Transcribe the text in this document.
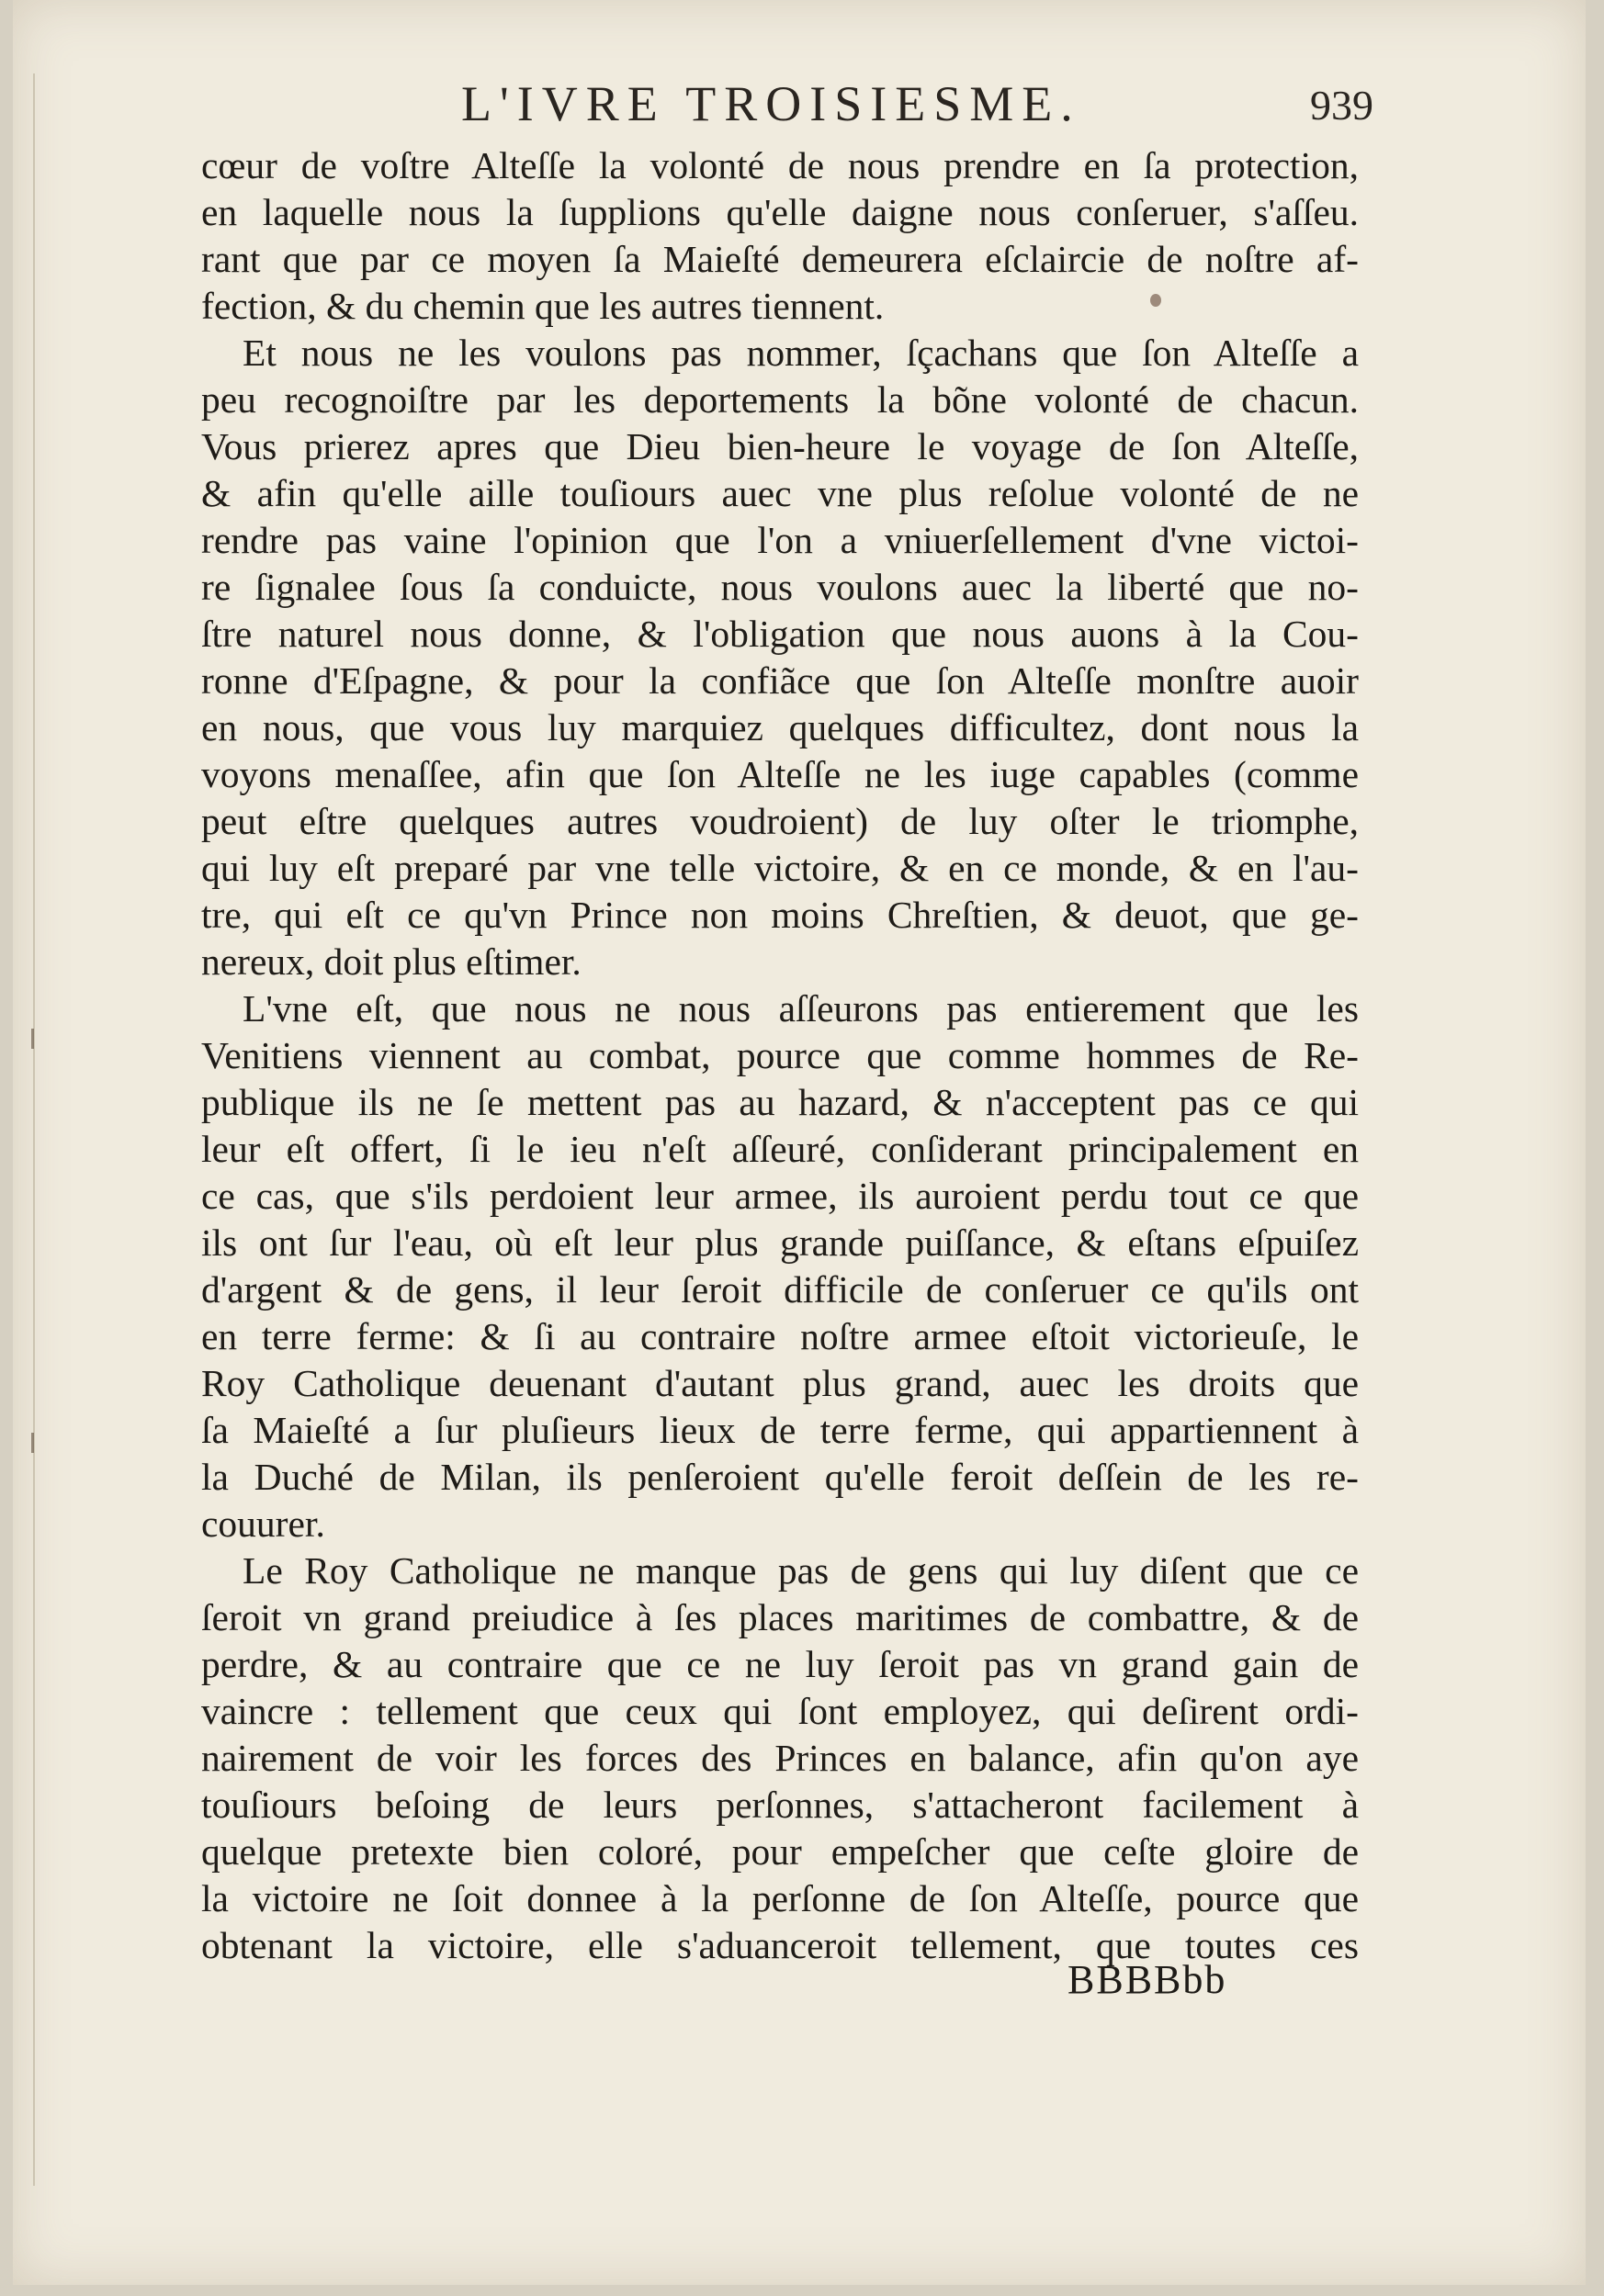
L'IVRE TROISIESME.	939
cœur de voſtre Alteſſe la volonté de nous prendre en ſa protection,
en laquelle nous la ſupplions qu'elle daigne nous conſeruer, s'aſſeu.
rant que par ce moyen ſa Maieſté demeurera eſclaircie de noſtre af-
fection, & du chemin que les autres tiennent.
Et nous ne les voulons pas nommer, ſçachans que ſon Alteſſe a
peu recognoiſtre par les deportements la bõne volonté de chacun.
Vous prierez apres que Dieu bien-heure le voyage de ſon Alteſſe,
& afin qu'elle aille touſiours auec vne plus reſolue volonté de ne
rendre pas vaine l'opinion que l'on a vniuerſellement d'vne victoi-
re ſignalee ſous ſa conduicte, nous voulons auec la liberté que no-
ſtre naturel nous donne, & l'obligation que nous auons à la Cou-
ronne d'Eſpagne, & pour la confiãce que ſon Alteſſe monſtre auoir
en nous, que vous luy marquiez quelques difficultez, dont nous la
voyons menaſſee, afin que ſon Alteſſe ne les iuge capables (comme
peut eſtre quelques autres voudroient) de luy oſter le triomphe,
qui luy eſt preparé par vne telle victoire, & en ce monde, & en l'au-
tre, qui eſt ce qu'vn Prince non moins Chreſtien, & deuot, que ge-
nereux, doit plus eſtimer.
L'vne eſt, que nous ne nous aſſeurons pas entierement que les
Venitiens viennent au combat, pource que comme hommes de Re-
publique ils ne ſe mettent pas au hazard, & n'acceptent pas ce qui
leur eſt offert, ſi le ieu n'eſt aſſeuré, conſiderant principalement en
ce cas, que s'ils perdoient leur armee, ils auroient perdu tout ce que
ils ont ſur l'eau, où eſt leur plus grande puiſſance, & eſtans eſpuiſez
d'argent & de gens, il leur ſeroit difficile de conſeruer ce qu'ils ont
en terre ferme: & ſi au contraire noſtre armee eſtoit victorieuſe, le
Roy Catholique deuenant d'autant plus grand, auec les droits que
ſa Maieſté a ſur pluſieurs lieux de terre ferme, qui appartiennent à
la Duché de Milan, ils penſeroient qu'elle feroit deſſein de les re-
couurer.
Le Roy Catholique ne manque pas de gens qui luy diſent que ce
ſeroit vn grand preiudice à ſes places maritimes de combattre, & de
perdre, & au contraire que ce ne luy ſeroit pas vn grand gain de
vaincre : tellement que ceux qui ſont employez, qui deſirent ordi-
nairement de voir les forces des Princes en balance, afin qu'on aye
touſiours beſoing de leurs perſonnes, s'attacheront facilement à
quelque pretexte bien coloré, pour empeſcher que ceſte gloire de
la victoire ne ſoit donnee à la perſonne de ſon Alteſſe, pource que
obtenant la victoire, elle s'aduanceroit tellement, que toutes ces
BBBBbb
